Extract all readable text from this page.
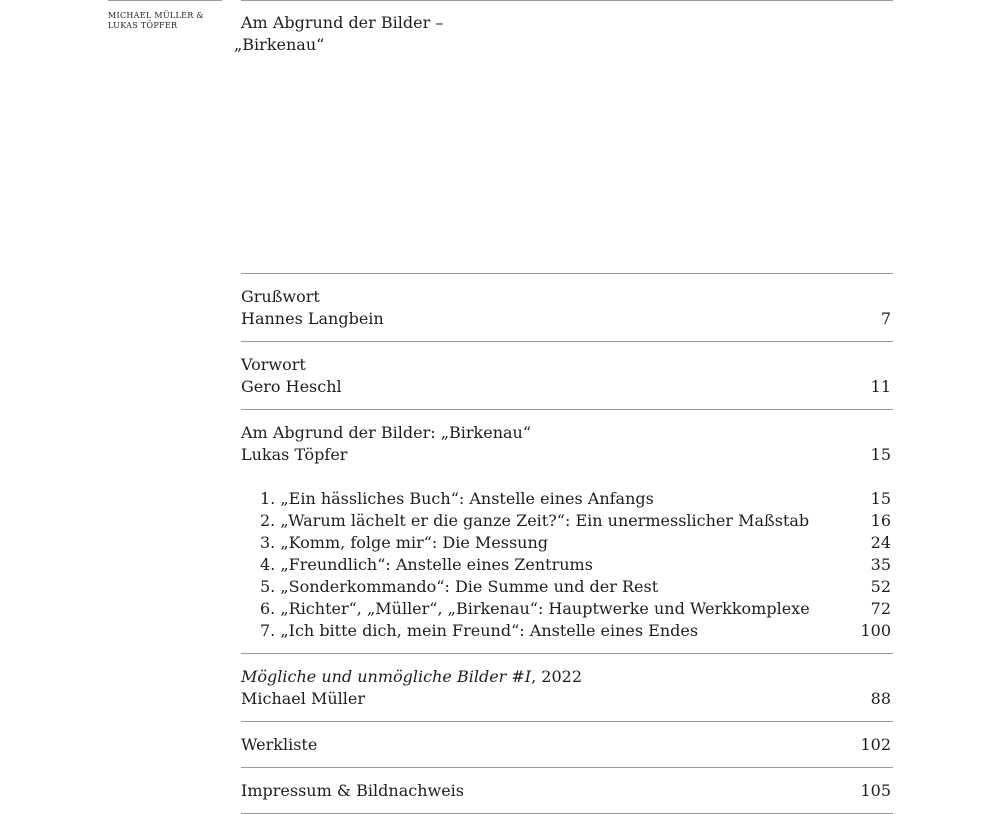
MICHAEL MÜLLER &
LUKAS TÖPFER	Am Abgrund der Bilder –
„Birkenau“
Grußwort
Hannes Langbein	7
Vorwort
Gero Heschl	11
Am Abgrund der Bilder: „Birkenau“
Lukas Töpfer	15
1. „Ein hässliches Buch“: Anstelle eines Anfangs	15
2. „Warum lächelt er die ganze Zeit?“: Ein unermesslicher Maßstab	16
3. „Komm, folge mir“: Die Messung	24
4. „Freundlich“: Anstelle eines Zentrums	35
5. „Sonderkommando“: Die Summe und der Rest	52
6. „Richter“, „Müller“, „Birkenau“: Hauptwerke und Werkkomplexe	72
7. „Ich bitte dich, mein Freund“: Anstelle eines Endes	100
Mögliche und unmögliche Bilder #I, 2022
Michael Müller	88
Werkliste	102
Impressum & Bildnachweis	105
